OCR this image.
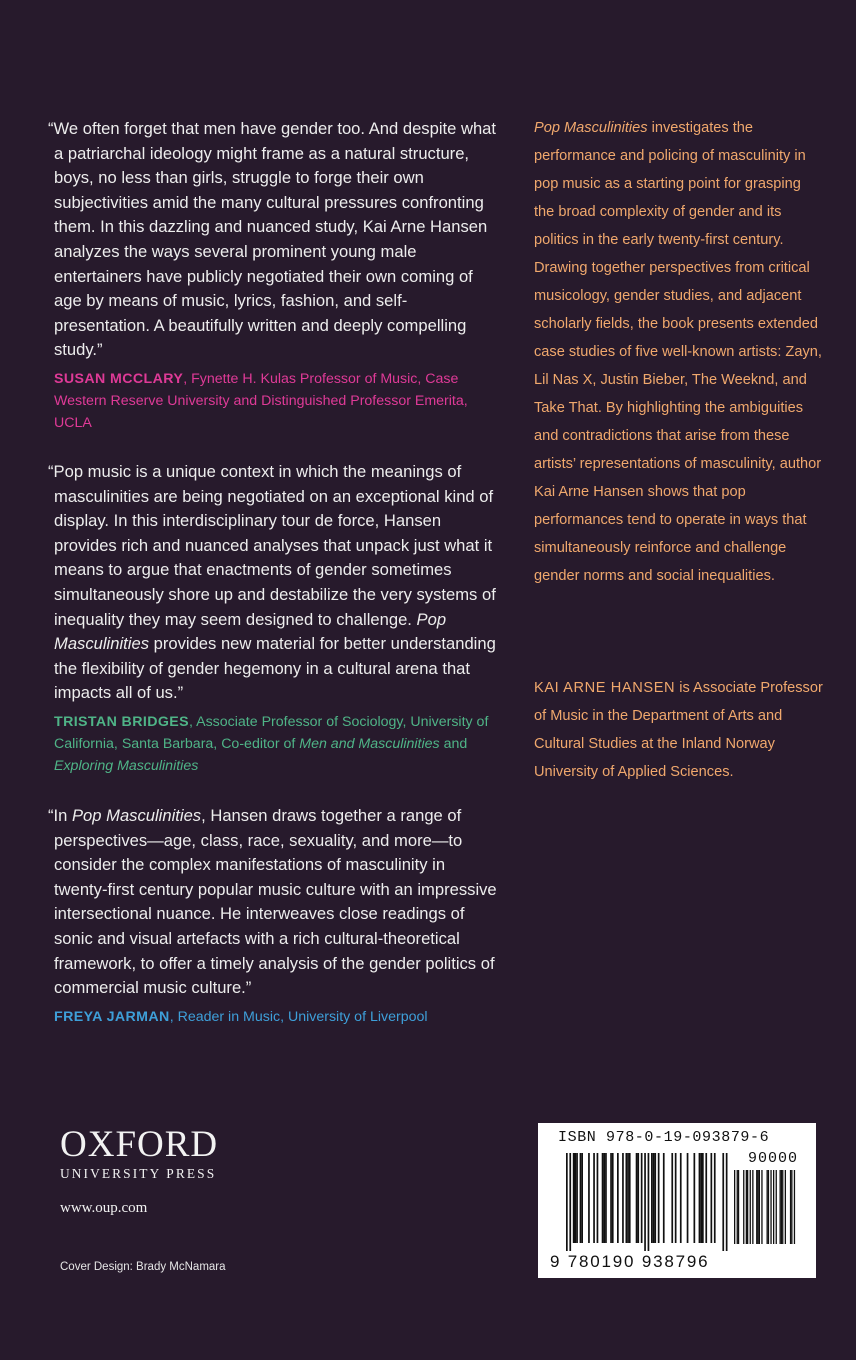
“We often forget that men have gender too. And despite what a patriarchal ideology might frame as a natural structure, boys, no less than girls, struggle to forge their own subjectivities amid the many cultural pressures confronting them. In this dazzling and nuanced study, Kai Arne Hansen analyzes the ways several prominent young male entertainers have publicly negotiated their own coming of age by means of music, lyrics, fashion, and self-presentation. A beautifully written and deeply compelling study.”

SUSAN MCCLARY, Fynette H. Kulas Professor of Music, Case Western Reserve University and Distinguished Professor Emerita, UCLA

“Pop music is a unique context in which the meanings of masculinities are being negotiated on an exceptional kind of display. In this interdisciplinary tour de force, Hansen provides rich and nuanced analyses that unpack just what it means to argue that enactments of gender sometimes simultaneously shore up and destabilize the very systems of inequality they may seem designed to challenge. Pop Masculinities provides new material for better understanding the flexibility of gender hegemony in a cultural arena that impacts all of us.”

TRISTAN BRIDGES, Associate Professor of Sociology, University of California, Santa Barbara, Co-editor of Men and Masculinities and Exploring Masculinities

“In Pop Masculinities, Hansen draws together a range of perspectives—age, class, race, sexuality, and more—to consider the complex manifestations of masculinity in twenty-first century popular music culture with an impressive intersectional nuance. He interweaves close readings of sonic and visual artefacts with a rich cultural-theoretical framework, to offer a timely analysis of the gender politics of commercial music culture.”

FREYA JARMAN, Reader in Music, University of Liverpool

Pop Masculinities investigates the performance and policing of masculinity in pop music as a starting point for grasping the broad complexity of gender and its politics in the early twenty-first century. Drawing together perspectives from critical musicology, gender studies, and adjacent scholarly fields, the book presents extended case studies of five well-known artists: Zayn, Lil Nas X, Justin Bieber, The Weeknd, and Take That. By highlighting the ambiguities and contradictions that arise from these artists’ representations of masculinity, author Kai Arne Hansen shows that pop performances tend to operate in ways that simultaneously reinforce and challenge gender norms and social inequalities.

KAI ARNE HANSEN is Associate Professor of Music in the Department of Arts and Cultural Studies at the Inland Norway University of Applied Sciences.

OXFORD
UNIVERSITY PRESS
www.oup.com
Cover Design: Brady McNamara
ISBN 978-0-19-093879-6
90000
9 780190 938796
